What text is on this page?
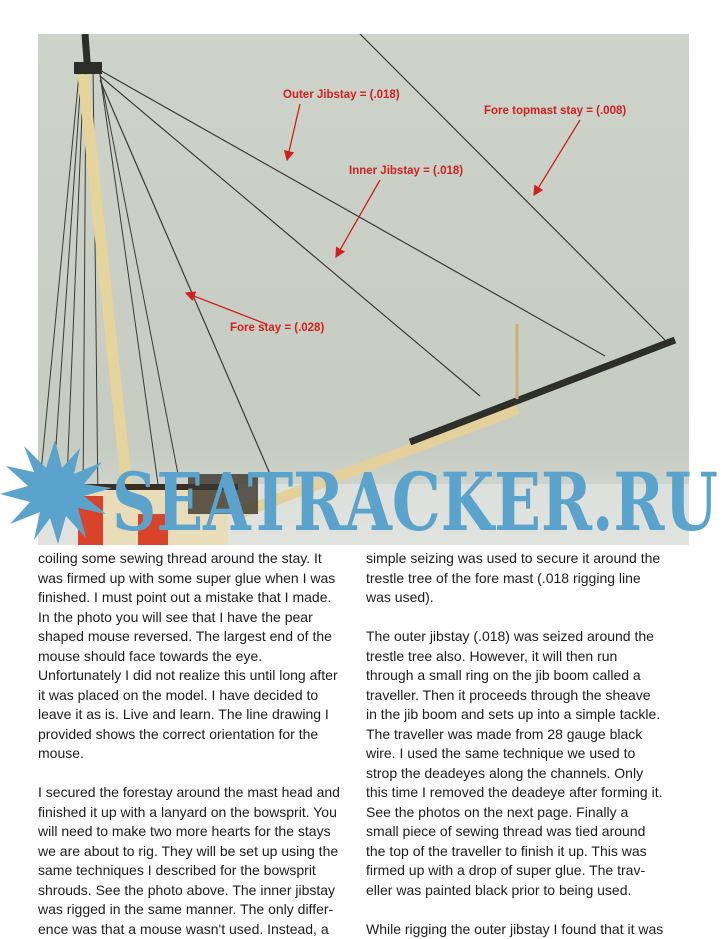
Outer Jibstay = (.018)
Fore topmast stay = (.008)
Inner Jibstay = (.018)
Fore stay = (.028)
coiling some sewing thread around the stay. It
was firmed up with some super glue when I was
finished. I must point out a mistake that I made.
In the photo you will see that I have the pear
shaped mouse reversed. The largest end of the
mouse should face towards the eye.
Unfortunately I did not realize this until long after
it was placed on the model. I have decided to
leave it as is. Live and learn. The line drawing I
provided shows the correct orientation for the
mouse.

I secured the forestay around the mast head and
finished it up with a lanyard on the bowsprit. You
will need to make two more hearts for the stays
we are about to rig. They will be set up using the
same techniques I described for the bowsprit
shrouds. See the photo above. The inner jibstay
was rigged in the same manner. The only differ-
ence was that a mouse wasn't used. Instead, a
simple seizing was used to secure it around the
trestle tree of the fore mast (.018 rigging line
was used).

The outer jibstay (.018) was seized around the
trestle tree also. However, it will then run
through a small ring on the jib boom called a
traveller. Then it proceeds through the sheave
in the jib boom and sets up into a simple tackle.
The traveller was made from 28 gauge black
wire. I used the same technique we used to
strop the deadeyes along the channels. Only
this time I removed the deadeye after forming it.
See the photos on the next page. Finally a
small piece of sewing thread was tied around
the top of the traveller to finish it up. This was
firmed up with a drop of super glue. The trav-
eller was painted black prior to being used.

While rigging the outer jibstay I found that it was
SEATRACKER.RU
